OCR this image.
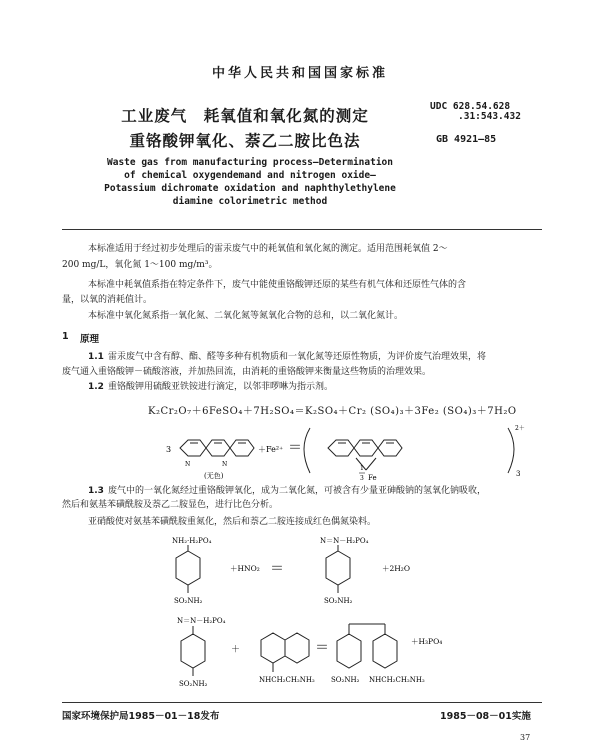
中华人民共和国国家标准
工业废气　耗氧值和氧化氮的测定
重铬酸钾氧化、萘乙二胺比色法
UDC 628.54.628
.31:543.432
GB 4921—85
Waste gas from manufacturing process—Determination
of chemical oxygendemand and nitrogen oxide—
Potassium dichromate oxidation and naphthylethylene
diamine colorimetric method
本标准适用于经过初步处理后的雷汞废气中的耗氧值和氧化氮的测定。适用范围耗氧值 2～
200 mg/L，氧化氮 1～100 mg/m³。
本标准中耗氧值系指在特定条件下，废气中能使重铬酸钾还原的某些有机气体和还原性气体的含
量，以氧的消耗值计。
本标准中氧化氮系指一氧化氮、二氧化氮等氮氧化合物的总和，以二氧化氮计。
1 原理
1.1 雷汞废气中含有醇、酯、醛等多种有机物质和一氧化氮等还原性物质，为评价废气治理效果，将
废气通入重铬酸钾－硫酸溶液，并加热回流，由消耗的重铬酸钾来衡量这些物质的治理效果。
1.2 重铬酸钾用硫酸亚铁铵进行滴定，以邻菲啰啉为指示剂。
K₂Cr₂O₇＋6FeSO₄＋7H₂SO₄＝K₂SO₄＋Cr₂ (SO₄)₃＋3Fe₂ (SO₄)₃＋7H₂O
3
N	N
＋Fe²⁺ ＝
2＋
3
(无色)
1
3 Fe
1.3 废气中的一氧化氮经过重铬酸钾氧化，成为二氧化氮，可被含有少量亚砷酸钠的氢氧化钠吸收，
然后和氨基苯磺酰胺及萘乙二胺显色，进行比色分析。
亚硝酸使对氨基苯磺酰胺重氮化，然后和萘乙二胺连接成红色偶氮染料。
NH₂·H₂PO₄
SO₂NH₂
＋HNO₂ ＝
N＝N－H₂PO₄
SO₂NH₂
＋2H₂O
N＝N－H₂PO₄
SO₂NH₂
＋
NHCH₂CH₂NH₂
＝
SO₂NH₂ NHCH₂CH₂NH₂
＋H₃PO₄
国家环境保护局1985－01－18发布	1985－08－01实施
37
